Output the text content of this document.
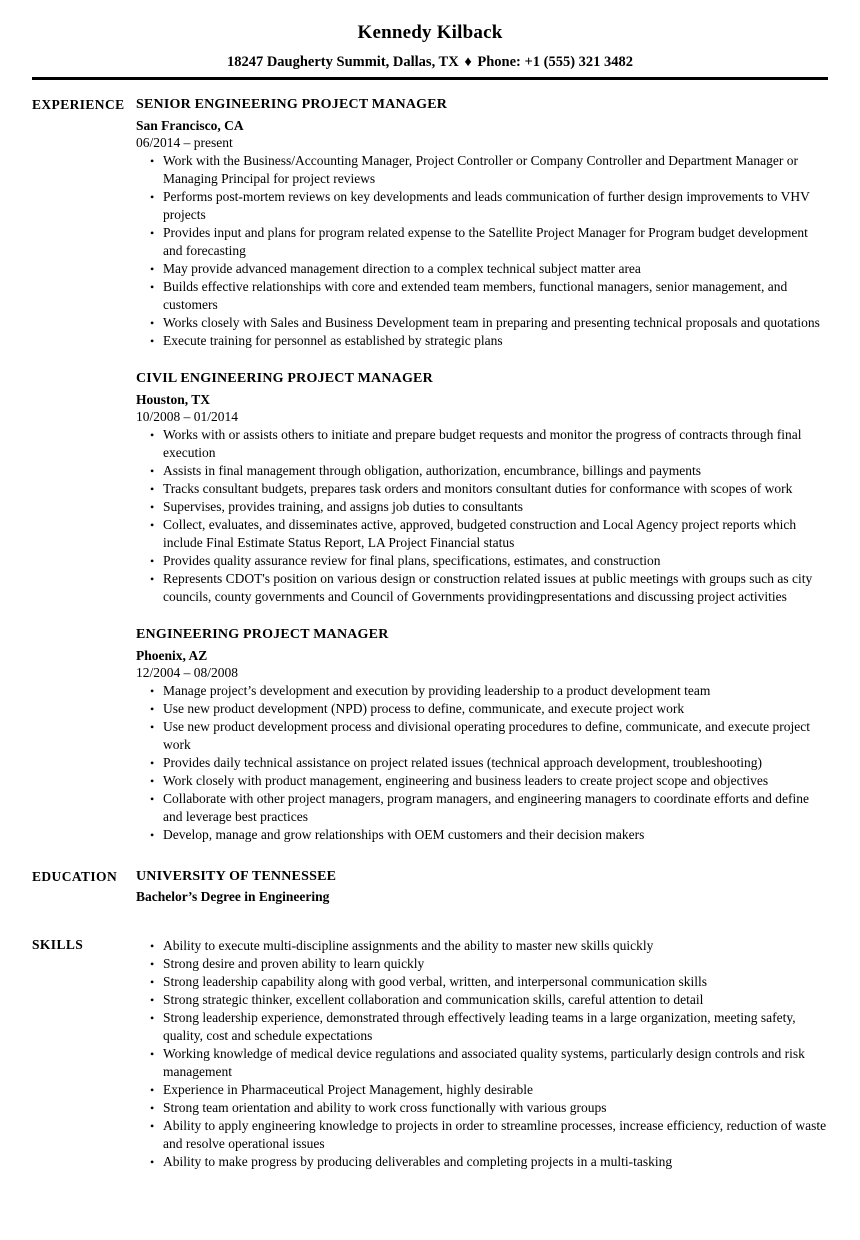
Kennedy Kilback
18247 Daugherty Summit, Dallas, TX ♦ Phone: +1 (555) 321 3482
EXPERIENCE SENIOR ENGINEERING PROJECT MANAGER
San Francisco, CA
06/2014 – present
• Work with the Business/Accounting Manager, Project Controller or Company Controller and Department Manager or Managing Principal for project reviews
• Performs post-mortem reviews on key developments and leads communication of further design improvements to VHV projects
• Provides input and plans for program related expense to the Satellite Project Manager for Program budget development and forecasting
• May provide advanced management direction to a complex technical subject matter area
• Builds effective relationships with core and extended team members, functional managers, senior management, and customers
• Works closely with Sales and Business Development team in preparing and presenting technical proposals and quotations
• Execute training for personnel as established by strategic plans
CIVIL ENGINEERING PROJECT MANAGER
Houston, TX
10/2008 – 01/2014
• Works with or assists others to initiate and prepare budget requests and monitor the progress of contracts through final execution
• Assists in final management through obligation, authorization, encumbrance, billings and payments
• Tracks consultant budgets, prepares task orders and monitors consultant duties for conformance with scopes of work
• Supervises, provides training, and assigns job duties to consultants
• Collect, evaluates, and disseminates active, approved, budgeted construction and Local Agency project reports which include Final Estimate Status Report, LA Project Financial status
• Provides quality assurance review for final plans, specifications, estimates, and construction
• Represents CDOT's position on various design or construction related issues at public meetings with groups such as city councils, county governments and Council of Governments providingpresentations and discussing project activities
ENGINEERING PROJECT MANAGER
Phoenix, AZ
12/2004 – 08/2008
• Manage project’s development and execution by providing leadership to a product development team
• Use new product development (NPD) process to define, communicate, and execute project work
• Use new product development process and divisional operating procedures to define, communicate, and execute project work
• Provides daily technical assistance on project related issues (technical approach development, troubleshooting)
• Work closely with product management, engineering and business leaders to create project scope and objectives
• Collaborate with other project managers, program managers, and engineering managers to coordinate efforts and define and leverage best practices
• Develop, manage and grow relationships with OEM customers and their decision makers
EDUCATION	UNIVERSITY OF TENNESSEE
Bachelor’s Degree in Engineering
SKILLS	• Ability to execute multi-discipline assignments and the ability to master new skills quickly
• Strong desire and proven ability to learn quickly
• Strong leadership capability along with good verbal, written, and interpersonal communication skills
• Strong strategic thinker, excellent collaboration and communication skills, careful attention to detail
• Strong leadership experience, demonstrated through effectively leading teams in a large organization, meeting safety, quality, cost and schedule expectations
• Working knowledge of medical device regulations and associated quality systems, particularly design controls and risk management
• Experience in Pharmaceutical Project Management, highly desirable
• Strong team orientation and ability to work cross functionally with various groups
• Ability to apply engineering knowledge to projects in order to streamline processes, increase efficiency, reduction of waste and resolve operational issues
• Ability to make progress by producing deliverables and completing projects in a multi-tasking
